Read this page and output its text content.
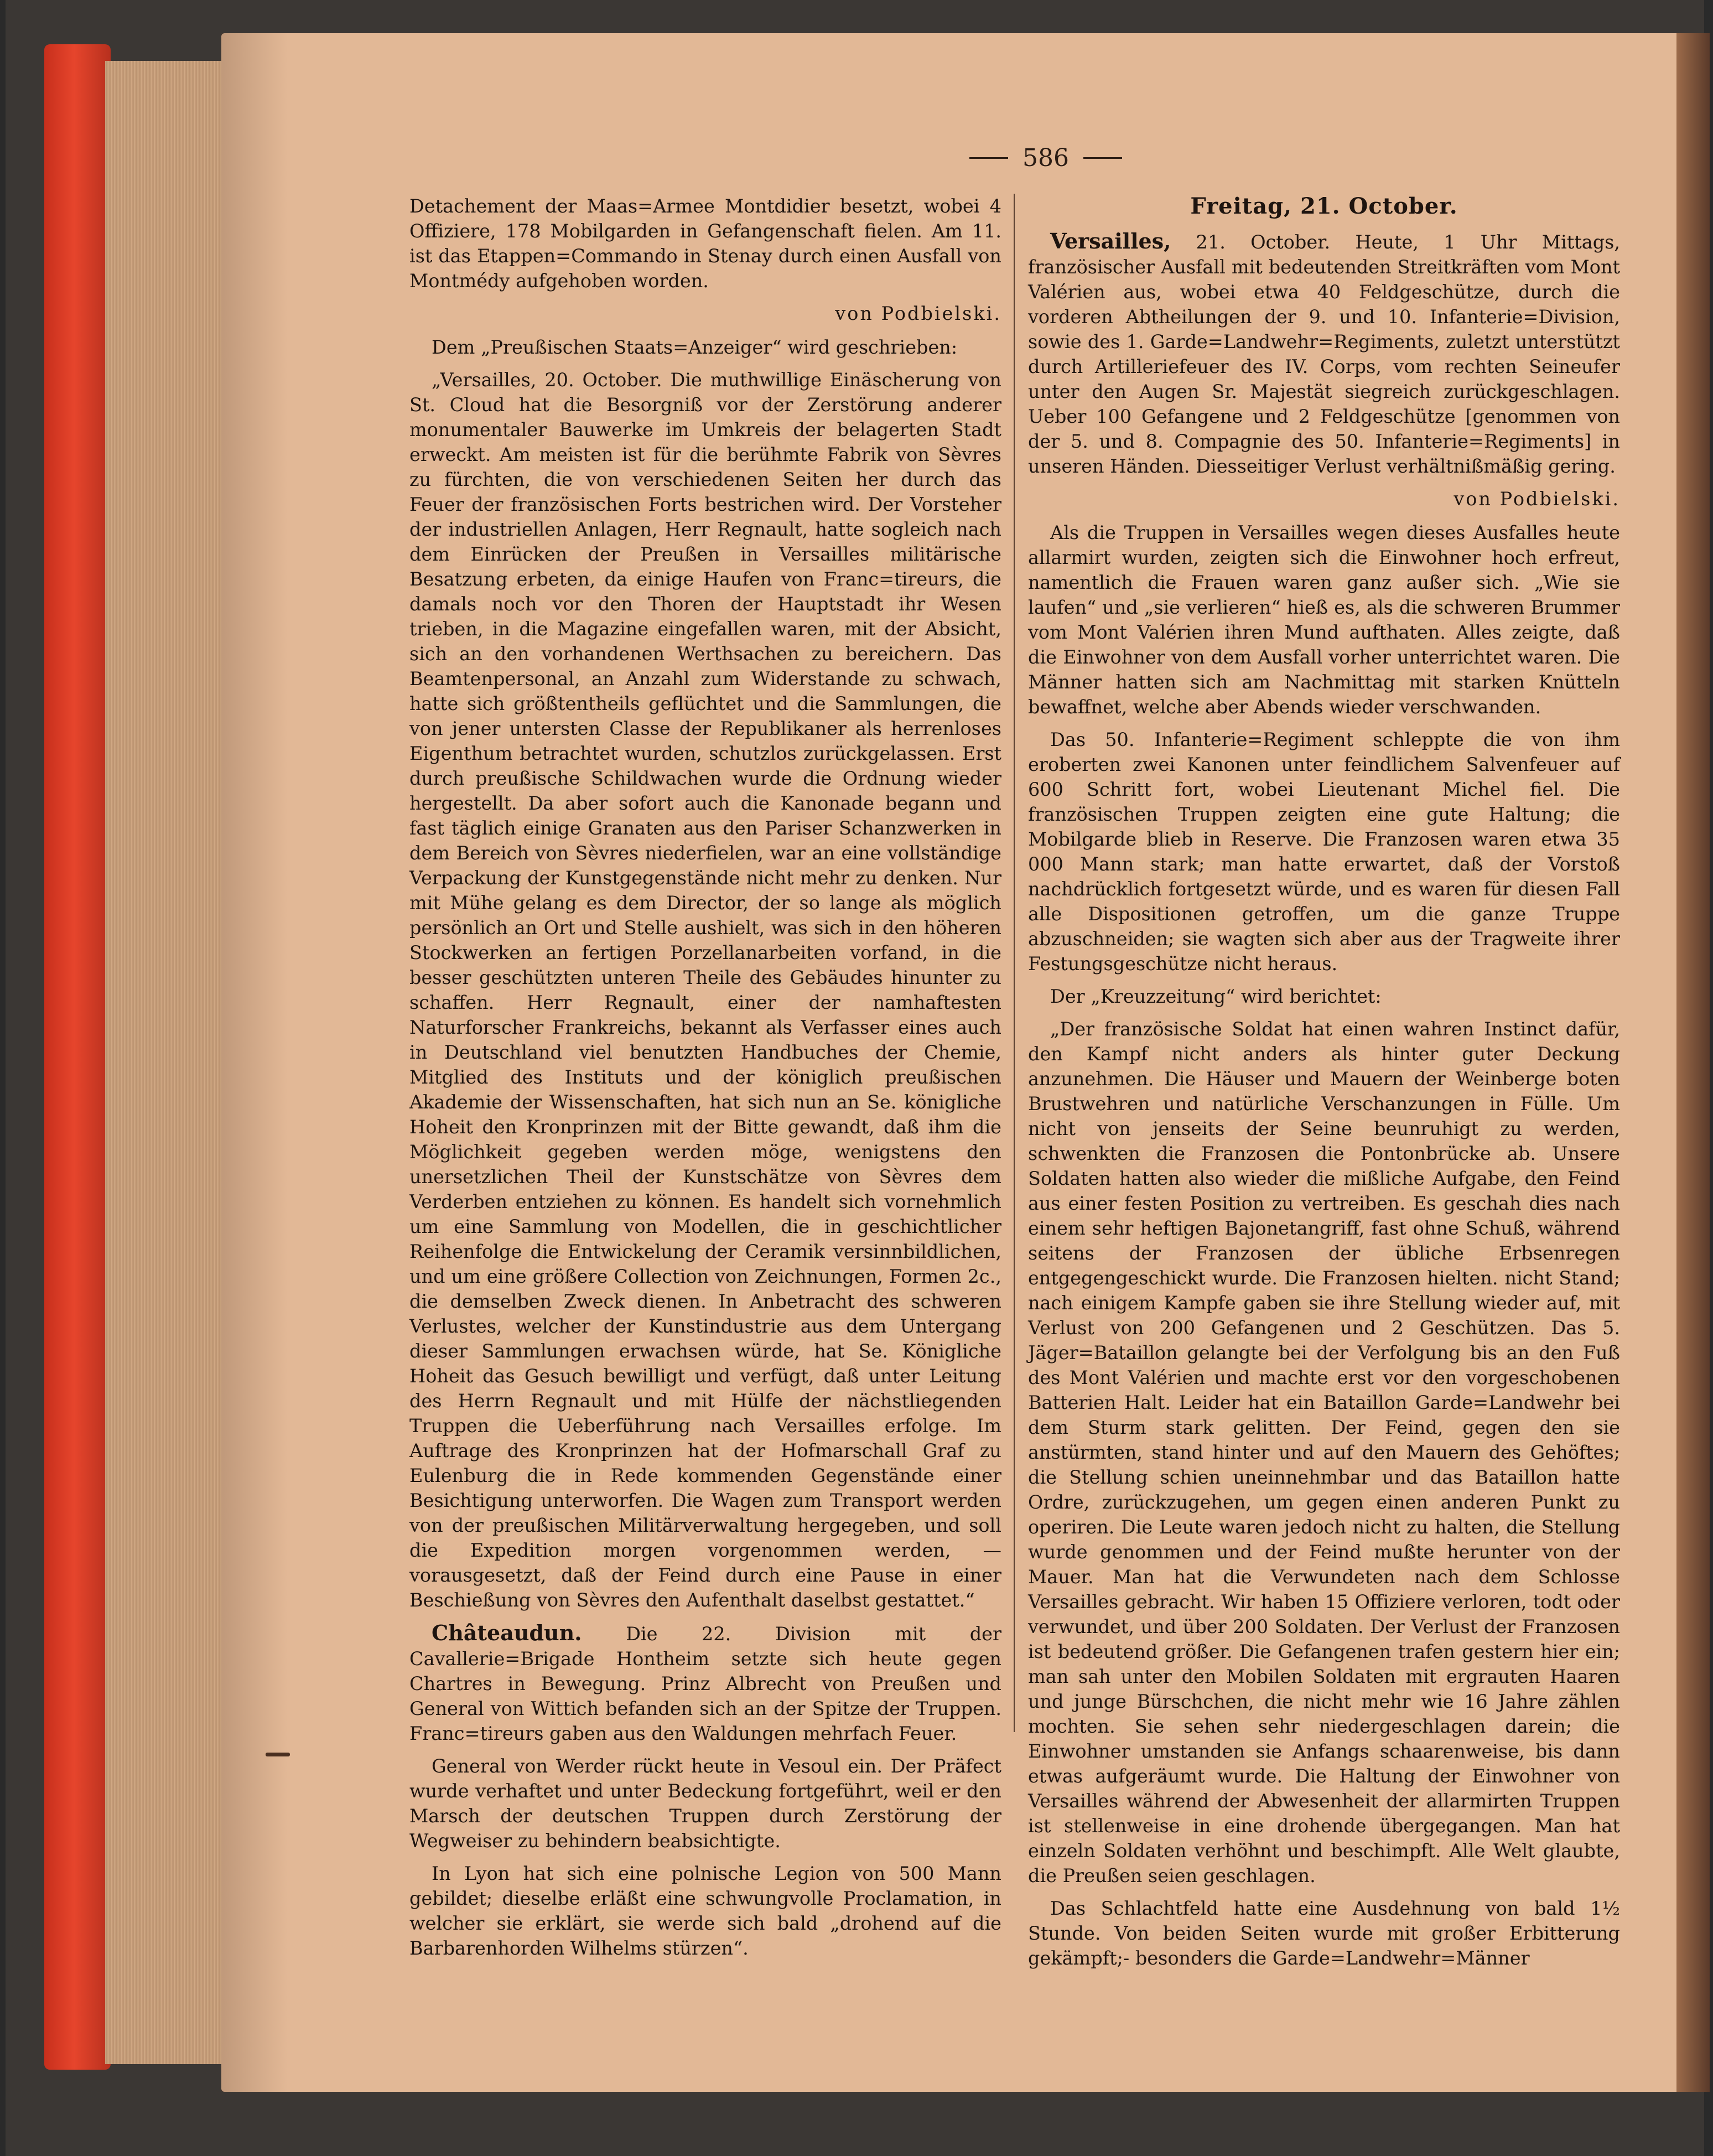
586

Detachement der Maas=Armee Montdidier besetzt, wobei 4 Offiziere, 178 Mobilgarden in Gefangenschaft fielen. Am 11. ist das Etappen=Commando in Stenay durch einen Ausfall von Montmédy aufgehoben worden.

von Podbielski.

Dem „Preußischen Staats=Anzeiger“ wird geschrieben:

„Versailles, 20. October. Die muthwillige Einäscherung von St. Cloud hat die Besorgniß vor der Zerstörung anderer monumentaler Bauwerke im Umkreis der belagerten Stadt erweckt. Am meisten ist für die berühmte Fabrik von Sèvres zu fürchten, die von verschiedenen Seiten her durch das Feuer der französischen Forts bestrichen wird. Der Vorsteher der industriellen Anlagen, Herr Regnault, hatte sogleich nach dem Einrücken der Preußen in Versailles militärische Besatzung erbeten, da einige Haufen von Franc=tireurs, die damals noch vor den Thoren der Hauptstadt ihr Wesen trieben, in die Magazine eingefallen waren, mit der Absicht, sich an den vorhandenen Werthsachen zu bereichern. Das Beamtenpersonal, an Anzahl zum Widerstande zu schwach, hatte sich größtentheils geflüchtet und die Sammlungen, die von jener untersten Classe der Republikaner als herrenloses Eigenthum betrachtet wurden, schutzlos zurückgelassen. Erst durch preußische Schildwachen wurde die Ordnung wieder hergestellt. Da aber sofort auch die Kanonade begann und fast täglich einige Granaten aus den Pariser Schanzwerken in dem Bereich von Sèvres niederfielen, war an eine vollständige Verpackung der Kunstgegenstände nicht mehr zu denken. Nur mit Mühe gelang es dem Director, der so lange als möglich persönlich an Ort und Stelle aushielt, was sich in den höheren Stockwerken an fertigen Porzellanarbeiten vorfand, in die besser geschützten unteren Theile des Gebäudes hinunter zu schaffen. Herr Regnault, einer der namhaftesten Naturforscher Frankreichs, bekannt als Verfasser eines auch in Deutschland viel benutzten Handbuches der Chemie, Mitglied des Instituts und der königlich preußischen Akademie der Wissenschaften, hat sich nun an Se. königliche Hoheit den Kronprinzen mit der Bitte gewandt, daß ihm die Möglichkeit gegeben werden möge, wenigstens den unersetzlichen Theil der Kunstschätze von Sèvres dem Verderben entziehen zu können. Es handelt sich vornehmlich um eine Sammlung von Modellen, die in geschichtlicher Reihenfolge die Entwickelung der Ceramik versinnbildlichen, und um eine größere Collection von Zeichnungen, Formen 2c., die demselben Zweck dienen. In Anbetracht des schweren Verlustes, welcher der Kunstindustrie aus dem Untergang dieser Sammlungen erwachsen würde, hat Se. Königliche Hoheit das Gesuch bewilligt und verfügt, daß unter Leitung des Herrn Regnault und mit Hülfe der nächstliegenden Truppen die Ueberführung nach Versailles erfolge. Im Auftrage des Kronprinzen hat der Hofmarschall Graf zu Eulenburg die in Rede kommenden Gegenstände einer Besichtigung unterworfen. Die Wagen zum Transport werden von der preußischen Militärverwaltung hergegeben, und soll die Expedition morgen vorgenommen werden, — vorausgesetzt, daß der Feind durch eine Pause in einer Beschießung von Sèvres den Aufenthalt daselbst gestattet.“

Châteaudun. Die 22. Division mit der Cavallerie=Brigade Hontheim setzte sich heute gegen Chartres in Bewegung. Prinz Albrecht von Preußen und General von Wittich befanden sich an der Spitze der Truppen. Franc=tireurs gaben aus den Waldungen mehrfach Feuer.

General von Werder rückt heute in Vesoul ein. Der Präfect wurde verhaftet und unter Bedeckung fortgeführt, weil er den Marsch der deutschen Truppen durch Zerstörung der Wegweiser zu behindern beabsichtigte.

In Lyon hat sich eine polnische Legion von 500 Mann gebildet; dieselbe erläßt eine schwungvolle Proclamation, in welcher sie erklärt, sie werde sich bald „drohend auf die Barbarenhorden Wilhelms stürzen“.

Freitag, 21. October.

Versailles, 21. October. Heute, 1 Uhr Mittags, französischer Ausfall mit bedeutenden Streitkräften vom Mont Valérien aus, wobei etwa 40 Feldgeschütze, durch die vorderen Abtheilungen der 9. und 10. Infanterie=Division, sowie des 1. Garde=Landwehr=Regiments, zuletzt unterstützt durch Artilleriefeuer des IV. Corps, vom rechten Seineufer unter den Augen Sr. Majestät siegreich zurückgeschlagen. Ueber 100 Gefangene und 2 Feldgeschütze [genommen von der 5. und 8. Compagnie des 50. Infanterie=Regiments] in unseren Händen. Diesseitiger Verlust verhältnißmäßig gering.

von Podbielski.

Als die Truppen in Versailles wegen dieses Ausfalles heute allarmirt wurden, zeigten sich die Einwohner hoch erfreut, namentlich die Frauen waren ganz außer sich. „Wie sie laufen“ und „sie verlieren“ hieß es, als die schweren Brummer vom Mont Valérien ihren Mund aufthaten. Alles zeigte, daß die Einwohner von dem Ausfall vorher unterrichtet waren. Die Männer hatten sich am Nachmittag mit starken Knütteln bewaffnet, welche aber Abends wieder verschwanden.

Das 50. Infanterie=Regiment schleppte die von ihm eroberten zwei Kanonen unter feindlichem Salvenfeuer auf 600 Schritt fort, wobei Lieutenant Michel fiel. Die französischen Truppen zeigten eine gute Haltung; die Mobilgarde blieb in Reserve. Die Franzosen waren etwa 35 000 Mann stark; man hatte erwartet, daß der Vorstoß nachdrücklich fortgesetzt würde, und es waren für diesen Fall alle Dispositionen getroffen, um die ganze Truppe abzuschneiden; sie wagten sich aber aus der Tragweite ihrer Festungsgeschütze nicht heraus.

Der „Kreuzzeitung“ wird berichtet:

„Der französische Soldat hat einen wahren Instinct dafür, den Kampf nicht anders als hinter guter Deckung anzunehmen. Die Häuser und Mauern der Weinberge boten Brustwehren und natürliche Verschanzungen in Fülle. Um nicht von jenseits der Seine beunruhigt zu werden, schwenkten die Franzosen die Pontonbrücke ab. Unsere Soldaten hatten also wieder die mißliche Aufgabe, den Feind aus einer festen Position zu vertreiben. Es geschah dies nach einem sehr heftigen Bajonetangriff, fast ohne Schuß, während seitens der Franzosen der übliche Erbsenregen entgegengeschickt wurde. Die Franzosen hielten. nicht Stand; nach einigem Kampfe gaben sie ihre Stellung wieder auf, mit Verlust von 200 Gefangenen und 2 Geschützen. Das 5. Jäger=Bataillon gelangte bei der Verfolgung bis an den Fuß des Mont Valérien und machte erst vor den vorgeschobenen Batterien Halt. Leider hat ein Bataillon Garde=Landwehr bei dem Sturm stark gelitten. Der Feind, gegen den sie anstürmten, stand hinter und auf den Mauern des Gehöftes; die Stellung schien uneinnehmbar und das Bataillon hatte Ordre, zurückzugehen, um gegen einen anderen Punkt zu operiren. Die Leute waren jedoch nicht zu halten, die Stellung wurde genommen und der Feind mußte herunter von der Mauer. Man hat die Verwundeten nach dem Schlosse Versailles gebracht. Wir haben 15 Offiziere verloren, todt oder verwundet, und über 200 Soldaten. Der Verlust der Franzosen ist bedeutend größer. Die Gefangenen trafen gestern hier ein; man sah unter den Mobilen Soldaten mit ergrauten Haaren und junge Bürschchen, die nicht mehr wie 16 Jahre zählen mochten. Sie sehen sehr niedergeschlagen darein; die Einwohner umstanden sie Anfangs schaarenweise, bis dann etwas aufgeräumt wurde. Die Haltung der Einwohner von Versailles während der Abwesenheit der allarmirten Truppen ist stellenweise in eine drohende übergegangen. Man hat einzeln Soldaten verhöhnt und beschimpft. Alle Welt glaubte, die Preußen seien geschlagen.

Das Schlachtfeld hatte eine Ausdehnung von bald 1½ Stunde. Von beiden Seiten wurde mit großer Erbitterung gekämpft;- besonders die Garde=Landwehr=Männer
